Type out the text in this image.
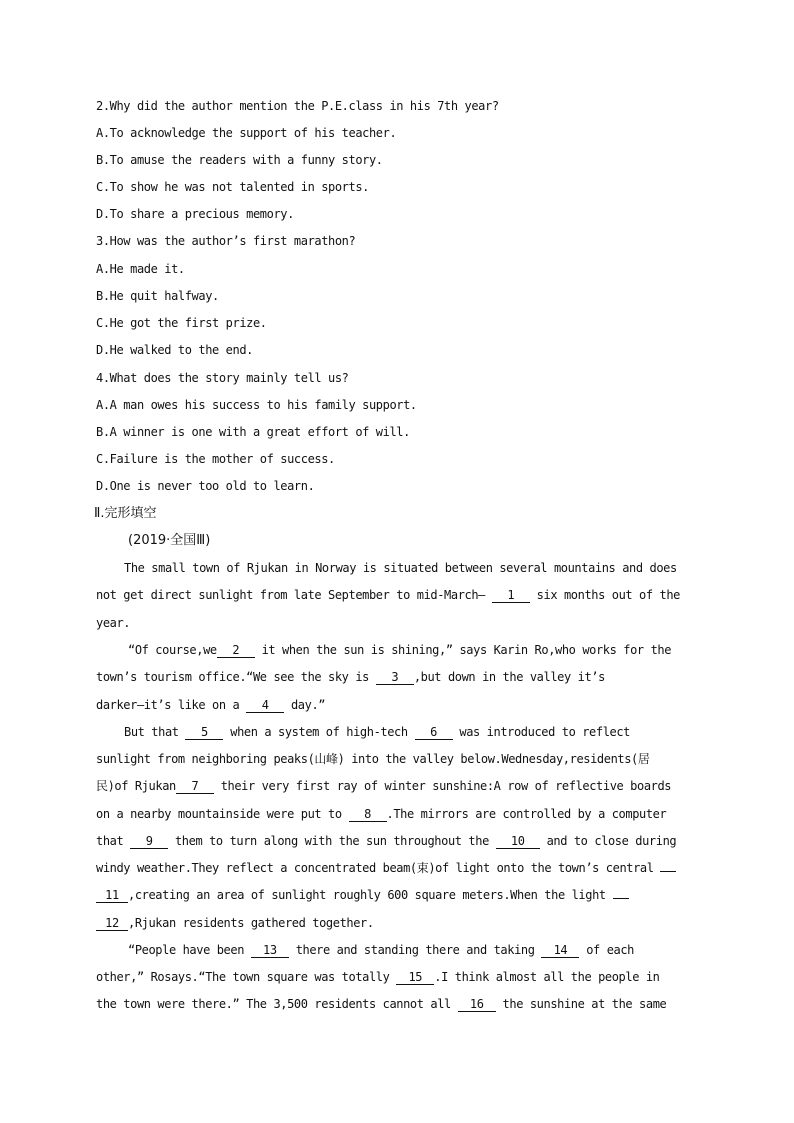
2.Why did the author mention the P.E.class in his 7th year?
A.To acknowledge the support of his teacher.
B.To amuse the readers with a funny story.
C.To show he was not talented in sports.
D.To share a precious memory.
3.How was the author’s first marathon?
A.He made it.
B.He quit halfway.
C.He got the first prize.
D.He walked to the end.
4.What does the story mainly tell us?
A.A man owes his success to his family support.
B.A winner is one with a great effort of will.
C.Failure is the mother of success.
D.One is never too old to learn.
Ⅱ.完形填空
(2019·全国Ⅲ)
The small town of Rjukan in Norway is situated between several mountains and does
not get direct sunlight from late September to mid-March— 1 six months out of the
year.
“Of course,we 2 it when the sun is shining,” says Karin Ro,who works for the
town’s tourism office.“We see the sky is 3 ,but down in the valley it’s
darker—it’s like on a 4 day.”
But that 5 when a system of high-tech 6 was introduced to reflect
sunlight from neighboring peaks(山峰) into the valley below.Wednesday,residents(居
民)of Rjukan 7 their very first ray of winter sunshine:A row of reflective boards
on a nearby mountainside were put to 8 .The mirrors are controlled by a computer
that 9 them to turn along with the sun throughout the 10 and to close during
windy weather.They reflect a concentrated beam(束)of light onto the town’s central
11 ,creating an area of sunlight roughly 600 square meters.When the light
12 ,Rjukan residents gathered together.
“People have been 13 there and standing there and taking 14 of each
other,” Rosays.“The town square was totally 15 .I think almost all the people in
the town were there.” The 3,500 residents cannot all 16 the sunshine at the same
